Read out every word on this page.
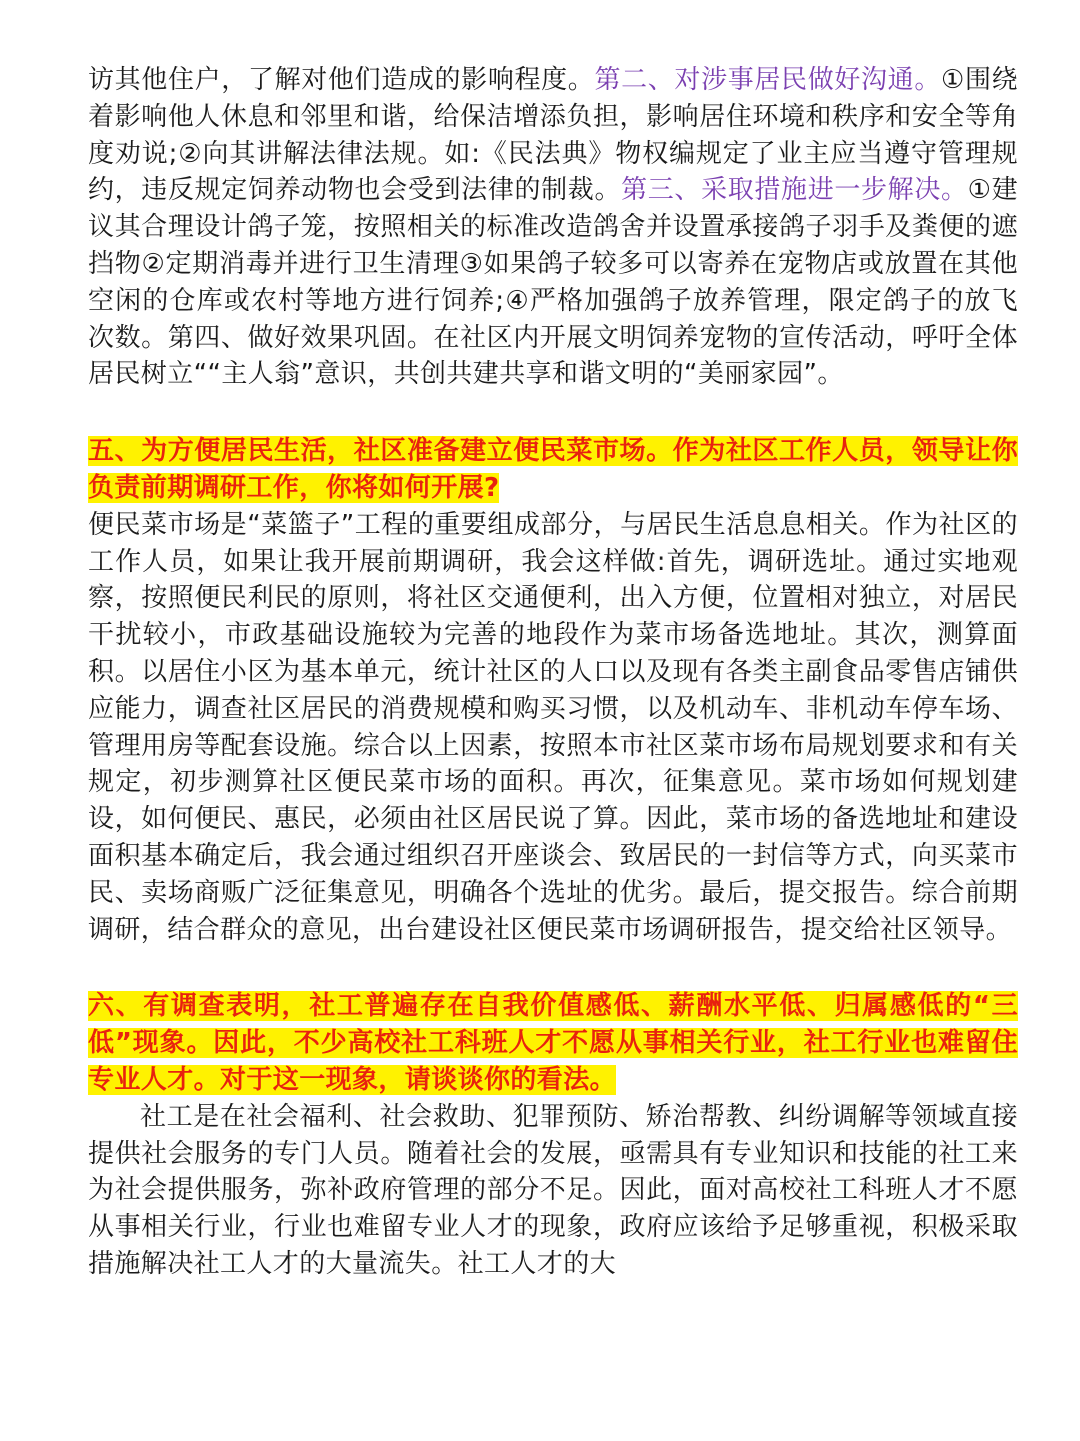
访其他住户，了解对他们造成的影响程度。第二、对涉事居民做好沟通。①围绕着影响他人休息和邻里和谐，给保洁增添负担，影响居住环境和秩序和安全等角度劝说;②向其讲解法律法规。如:《民法典》物权编规定了业主应当遵守管理规约，违反规定饲养动物也会受到法律的制裁。第三、采取措施进一步解决。①建议其合理设计鸽子笼，按照相关的标准改造鸽舍并设置承接鸽子羽手及粪便的遮挡物②定期消毒并进行卫生清理③如果鸽子较多可以寄养在宠物店或放置在其他空闲的仓库或农村等地方进行饲养;④严格加强鸽子放养管理，限定鸽子的放飞次数。第四、做好效果巩固。在社区内开展文明饲养宠物的宣传活动，呼吁全体居民树立““主人翁”意识，共创共建共享和谐文明的“美丽家园”。

五、为方便居民生活，社区准备建立便民菜市场。作为社区工作人员，领导让你负责前期调研工作，你将如何开展?

便民菜市场是“菜篮子”工程的重要组成部分，与居民生活息息相关。作为社区的工作人员，如果让我开展前期调研，我会这样做:首先，调研选址。通过实地观察，按照便民利民的原则，将社区交通便利，出入方便，位置相对独立，对居民干扰较小，市政基础设施较为完善的地段作为菜市场备选地址。其次，测算面积。以居住小区为基本单元，统计社区的人口以及现有各类主副食品零售店铺供应能力，调查社区居民的消费规模和购买习惯，以及机动车、非机动车停车场、管理用房等配套设施。综合以上因素，按照本市社区菜市场布局规划要求和有关规定，初步测算社区便民菜市场的面积。再次，征集意见。菜市场如何规划建设，如何便民、惠民，必须由社区居民说了算。因此，菜市场的备选地址和建设面积基本确定后，我会通过组织召开座谈会、致居民的一封信等方式，向买菜市民、卖场商贩广泛征集意见，明确各个选址的优劣。最后，提交报告。综合前期调研，结合群众的意见，出台建设社区便民菜市场调研报告，提交给社区领导。

六、有调查表明，社工普遍存在自我价值感低、薪酬水平低、归属感低的“三低”现象。因此，不少高校社工科班人才不愿从事相关行业，社工行业也难留住专业人才。对于这一现象，请谈谈你的看法。

社工是在社会福利、社会救助、犯罪预防、矫治帮教、纠纷调解等领域直接提供社会服务的专门人员。随着社会的发展，亟需具有专业知识和技能的社工来为社会提供服务，弥补政府管理的部分不足。因此，面对高校社工科班人才不愿从事相关行业，行业也难留专业人才的现象，政府应该给予足够重视，积极采取措施解决社工人才的大量流失。社工人才的大
